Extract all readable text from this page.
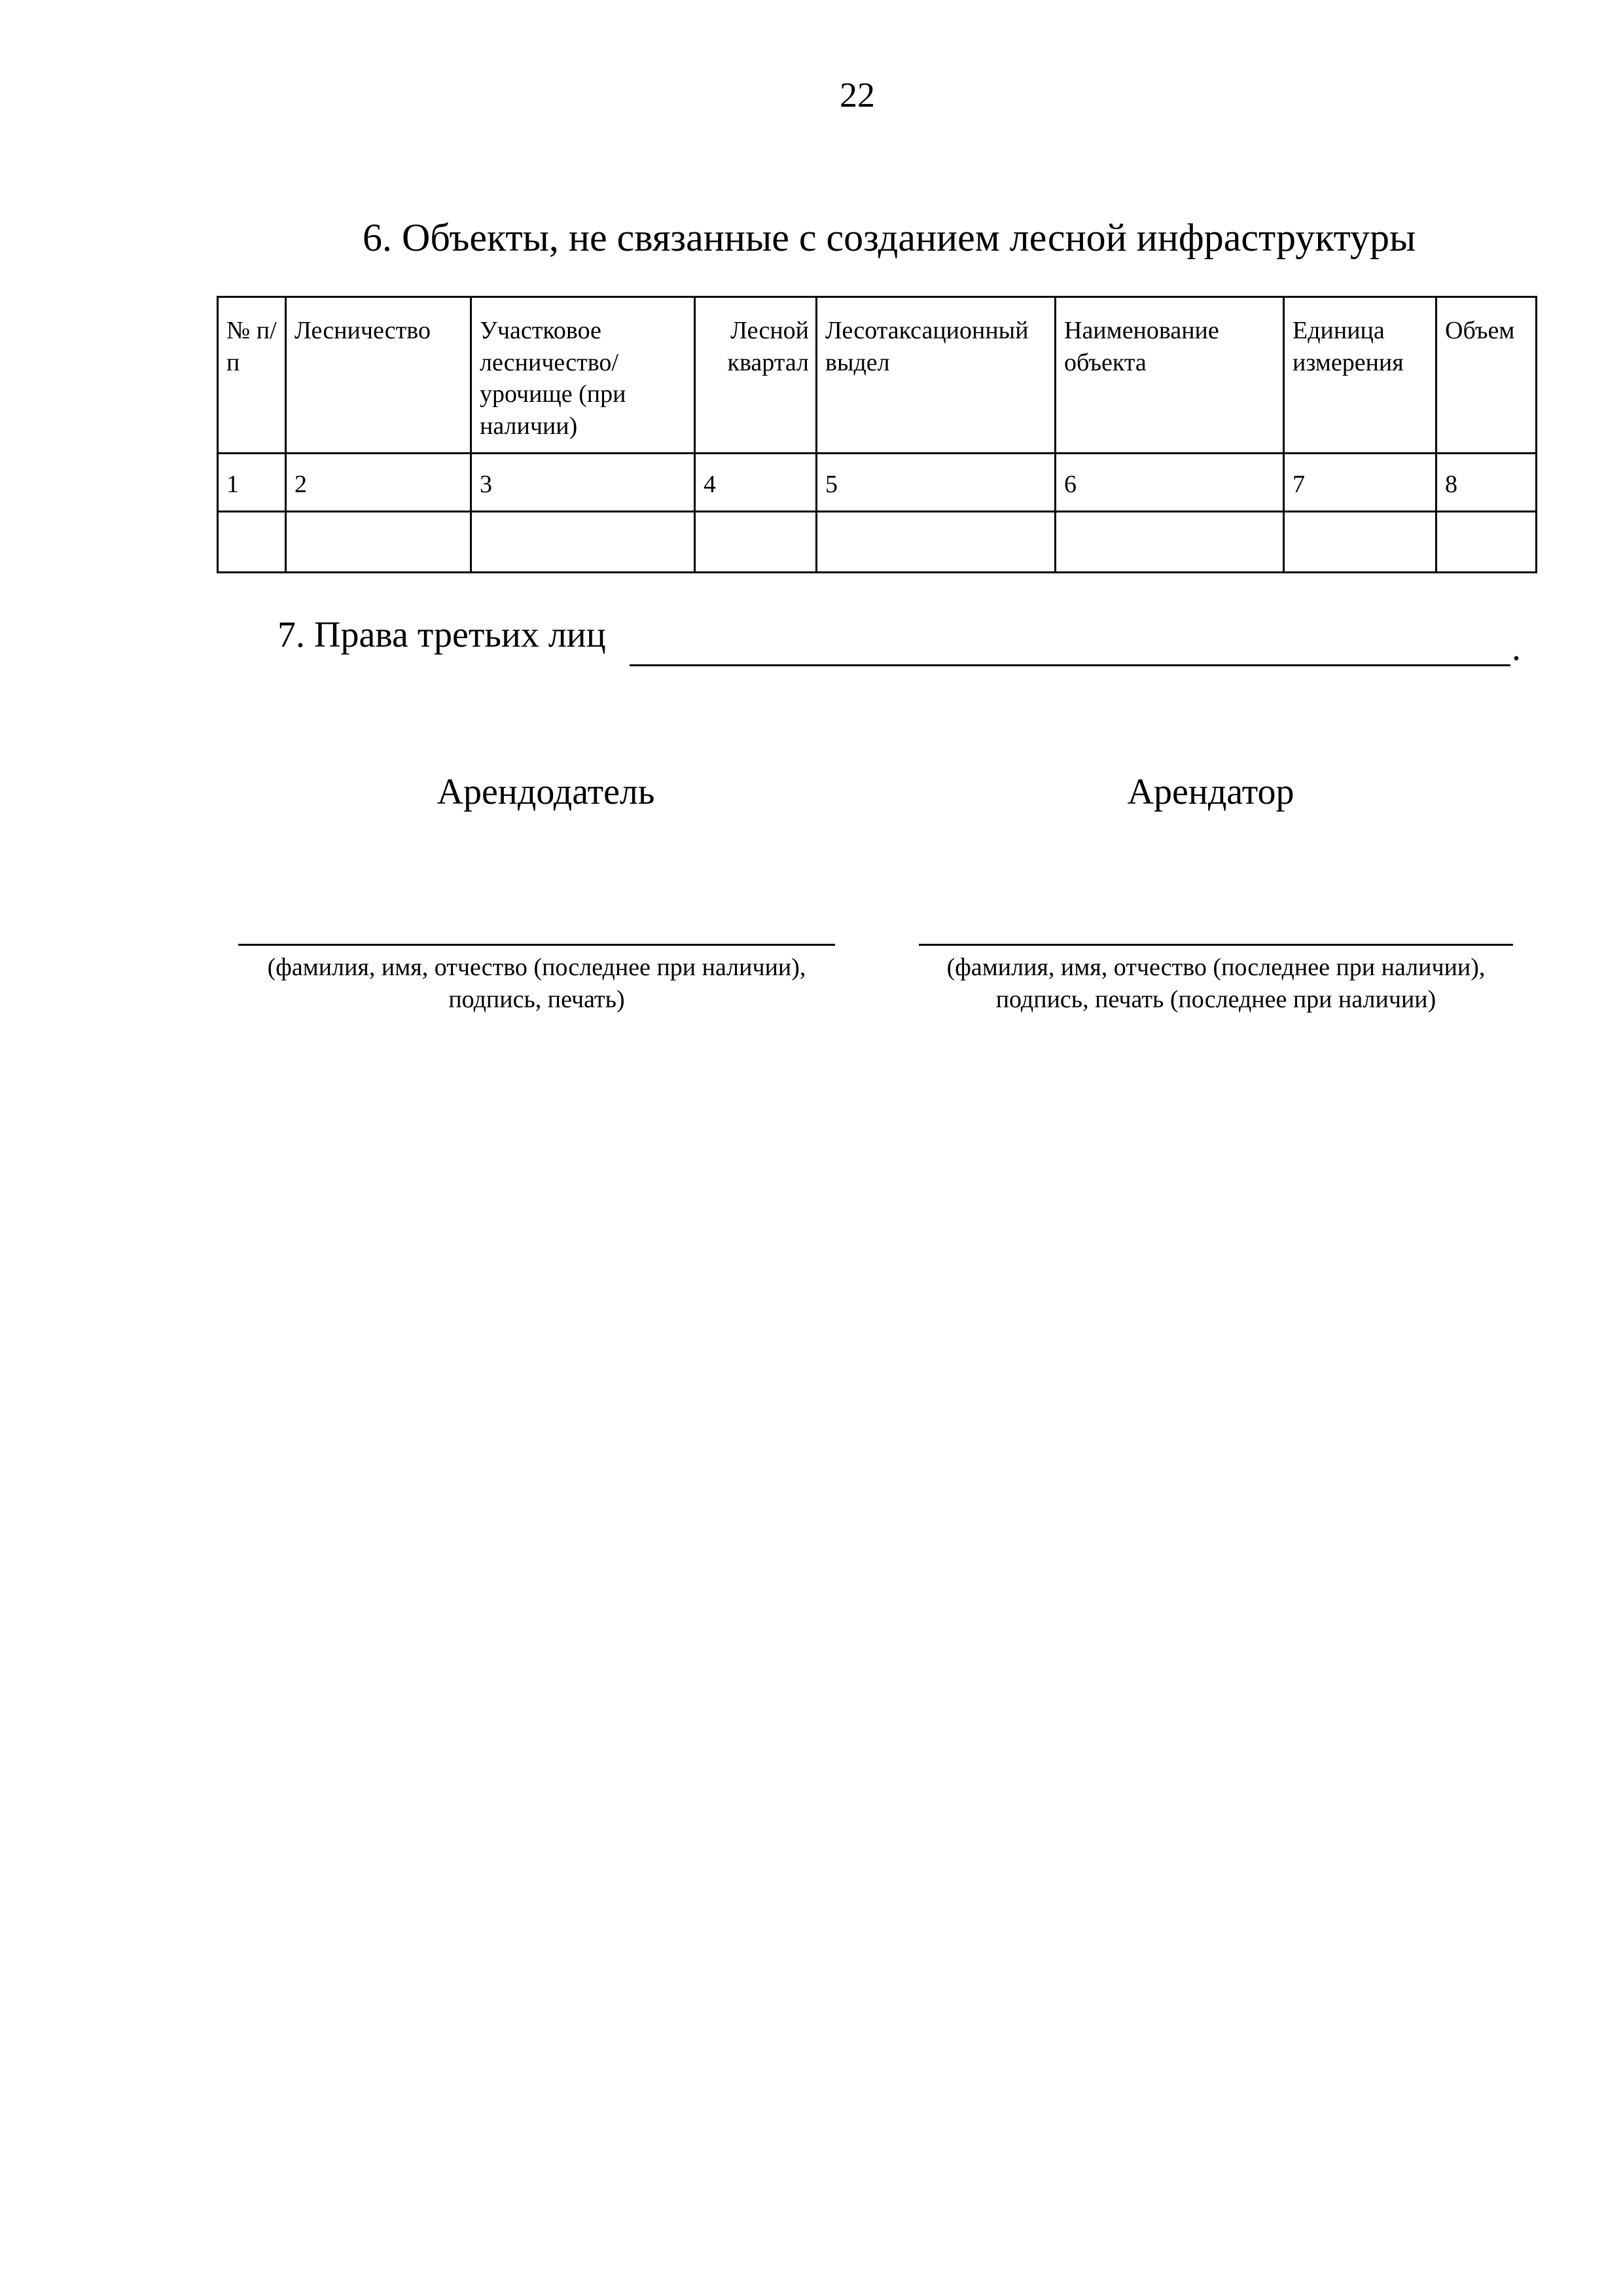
22
6. Объекты, не связанные с созданием лесной инфраструктуры
№ п/п	Лесничество	Участковое лесничество/ урочище (при наличии)	Лесной квартал	Лесотаксационный выдел	Наименование объекта	Единица измерения	Объем
1	2	3	4	5	6	7	8

7. Права третьих лиц	.
Арендодатель	Арендатор
(фамилия, имя, отчество (последнее при наличии),
подпись, печать)
(фамилия, имя, отчество (последнее при наличии),
подпись, печать (последнее при наличии)
